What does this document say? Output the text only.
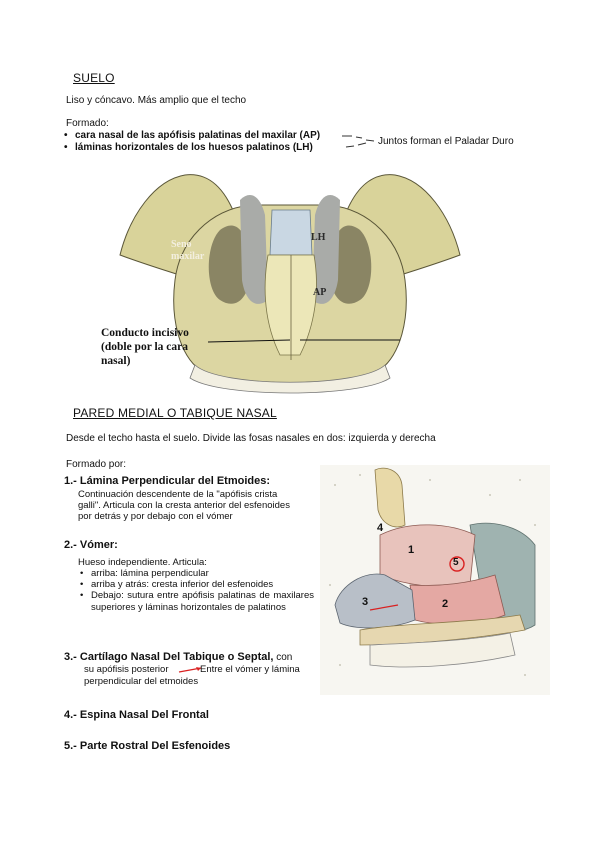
SUELO
Liso y cóncavo. Más amplio que el techo
Formado:
• cara nasal de las apófisis palatinas del maxilar (AP)
• láminas horizontales de los huesos palatinos (LH)	Juntos forman el Paladar Duro
Seno
maxilar
LH
AP
Conducto incisivo
(doble por la cara
nasal)
PARED MEDIAL O TABIQUE NASAL
Desde el techo hasta el suelo. Divide las fosas nasales en dos: izquierda y derecha
Formado por:
1.- Lámina Perpendicular del Etmoides:
Continuación descendente de la "apófisis crista
galli". Articula con la cresta anterior del esfenoides
por detrás y por debajo con el vómer
2.- Vómer:
Hueso independiente. Articula:
• arriba: lámina perpendicular
• arriba y atrás: cresta inferior del esfenoides
• Debajo: sutura entre apófisis palatinas de maxilares superiores y láminas horizontales de palatinos
3.- Cartílago Nasal Del Tabique o Septal, con
su apófisis posterior	Entre el vómer y lámina
perpendicular del etmoides
4.- Espina Nasal Del Frontal
5.- Parte Rostral Del Esfenoides
4
1
5
3	2
